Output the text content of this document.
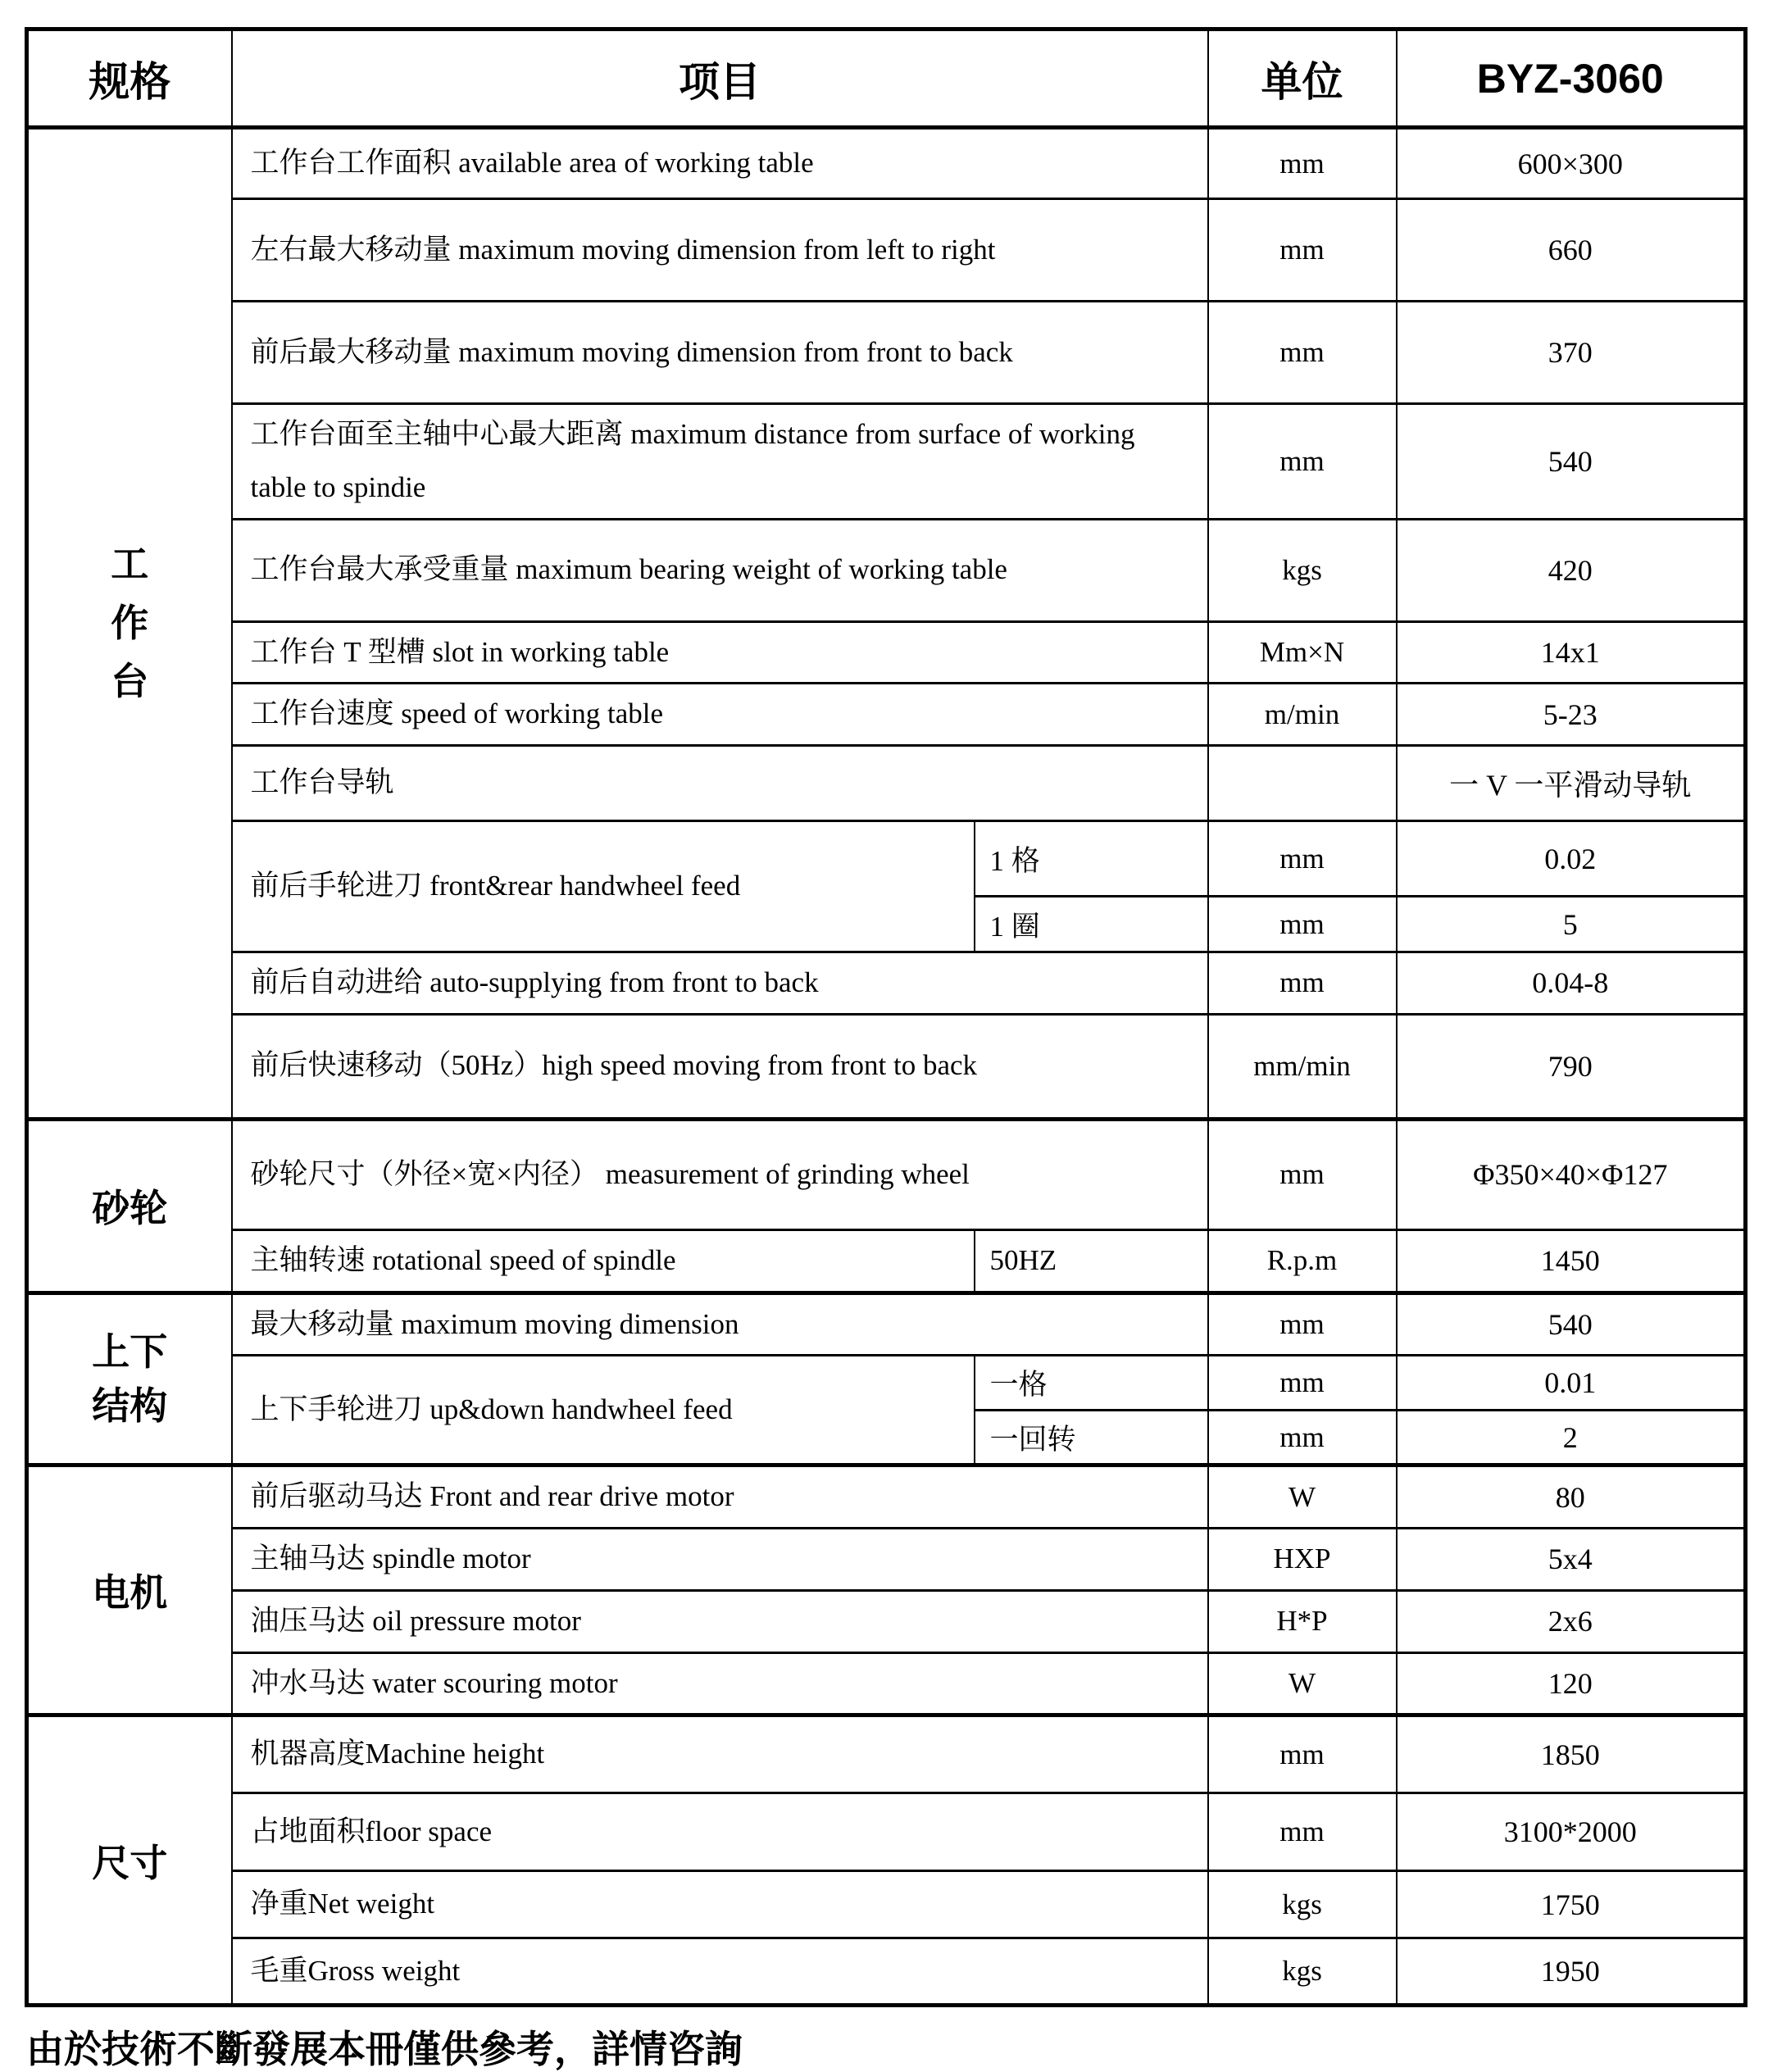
规格	项目		单位	BYZ-3060

工作台	工作台工作面积 available area of working table		mm	600×300
	左右最大移动量 maximum moving dimension from left to right		mm	660
	前后最大移动量 maximum moving dimension from front to back		mm	370
	工作台面至主轴中心最大距离 maximum distance from surface of working table to spindie		mm	540
	工作台最大承受重量 maximum bearing weight of working table		kgs	420
	工作台 T 型槽 slot in working table		Mm×N	14x1
	工作台速度 speed of working table		m/min	5-23
	工作台导轨			一 V 一平滑动导轨
	前后手轮进刀 front&rear handwheel feed	1 格	mm	0.02
		1 圈	mm	5
	前后自动进给 auto-supplying from front to back		mm	0.04-8
	前后快速移动（50Hz）high speed moving from front to back		mm/min	790
砂轮	砂轮尺寸（外径×宽×内径） measurement of grinding wheel		mm	Φ350×40×Φ127
	主轴转速 rotational speed of spindle	50HZ	R.p.m	1450

上下结构	最大移动量 maximum moving dimension		mm	540
	上下手轮进刀 up&down handwheel feed	一格	mm	0.01
		一回转	mm	2
电机	前后驱动马达 Front and rear drive motor		W	80
	主轴马达 spindle motor		HXP	5x4
	油压马达 oil pressure motor		H*P	2x6
	冲水马达 water scouring motor		W	120
尺寸	机器高度Machine height		mm	1850
	占地面积floor space		mm	3100*2000
	净重Net weight		kgs	1750
	毛重Gross weight		kgs	1950
由於技術不斷發展本冊僅供參考，詳情咨詢
